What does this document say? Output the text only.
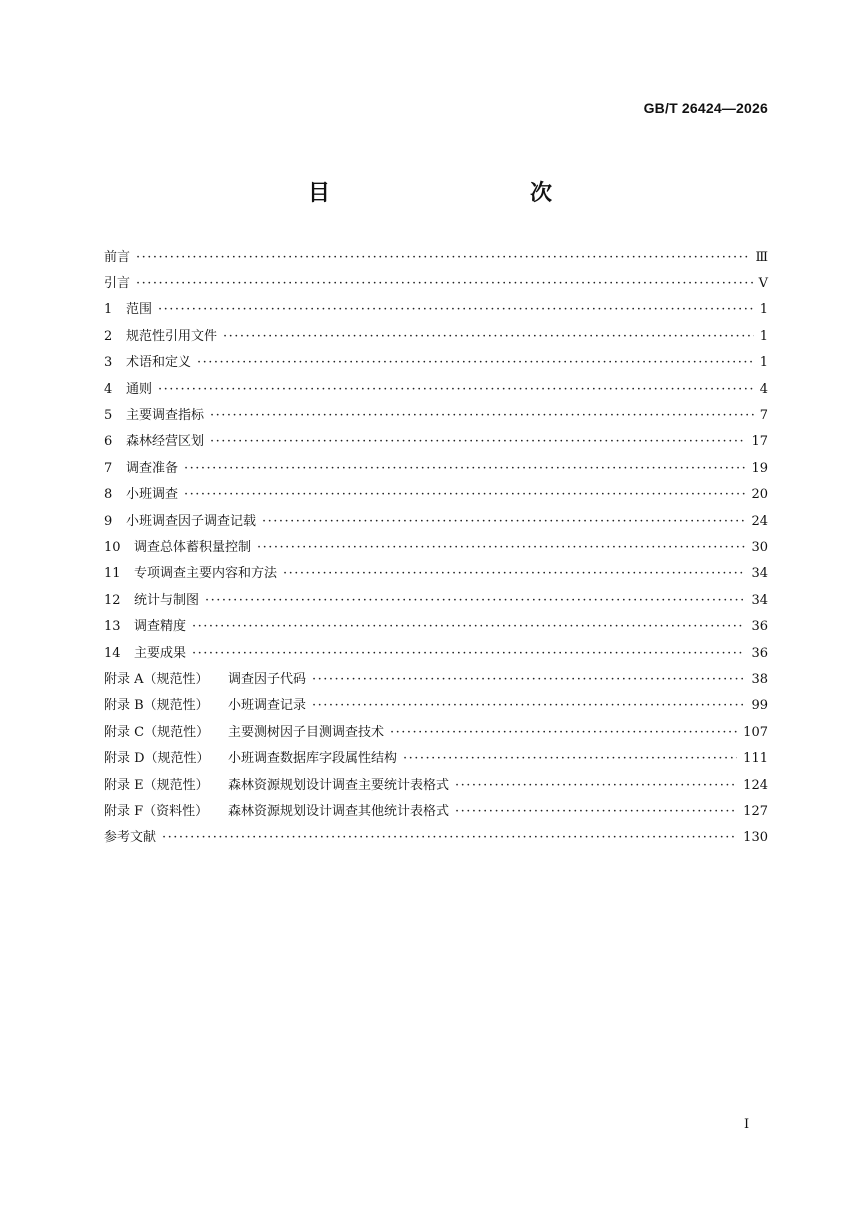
GB/T 26424—2026
目　　次
前言 ·····	Ⅲ
引言 ·····	Ⅴ
1	范围 ·····	1
2	规范性引用文件 ·····	1
3	术语和定义 ·····	1
4	通则 ·····	4
5	主要调查指标 ·····	7
6	森林经营区划 ·····	17
7	调查准备 ·····	19
8	小班调查 ·····	20
9	小班调查因子调查记载 ·····	24
10	调查总体蓄积量控制 ·····	30
11	专项调查主要内容和方法 ·····	34
12	统计与制图 ·····	34
13	调查精度 ·····	36
14	主要成果 ·····	36
附录 A（规范性）	调查因子代码 ·····	38
附录 B（规范性）	小班调查记录 ·····	99
附录 C（规范性）	主要测树因子目测调查技术 ·····	107
附录 D（规范性）	小班调查数据库字段属性结构 ·····	111
附录 E（规范性）	森林资源规划设计调查主要统计表格式 ·····	124
附录 F（资料性）	森林资源规划设计调查其他统计表格式 ·····	127
参考文献 ·····	130
I
